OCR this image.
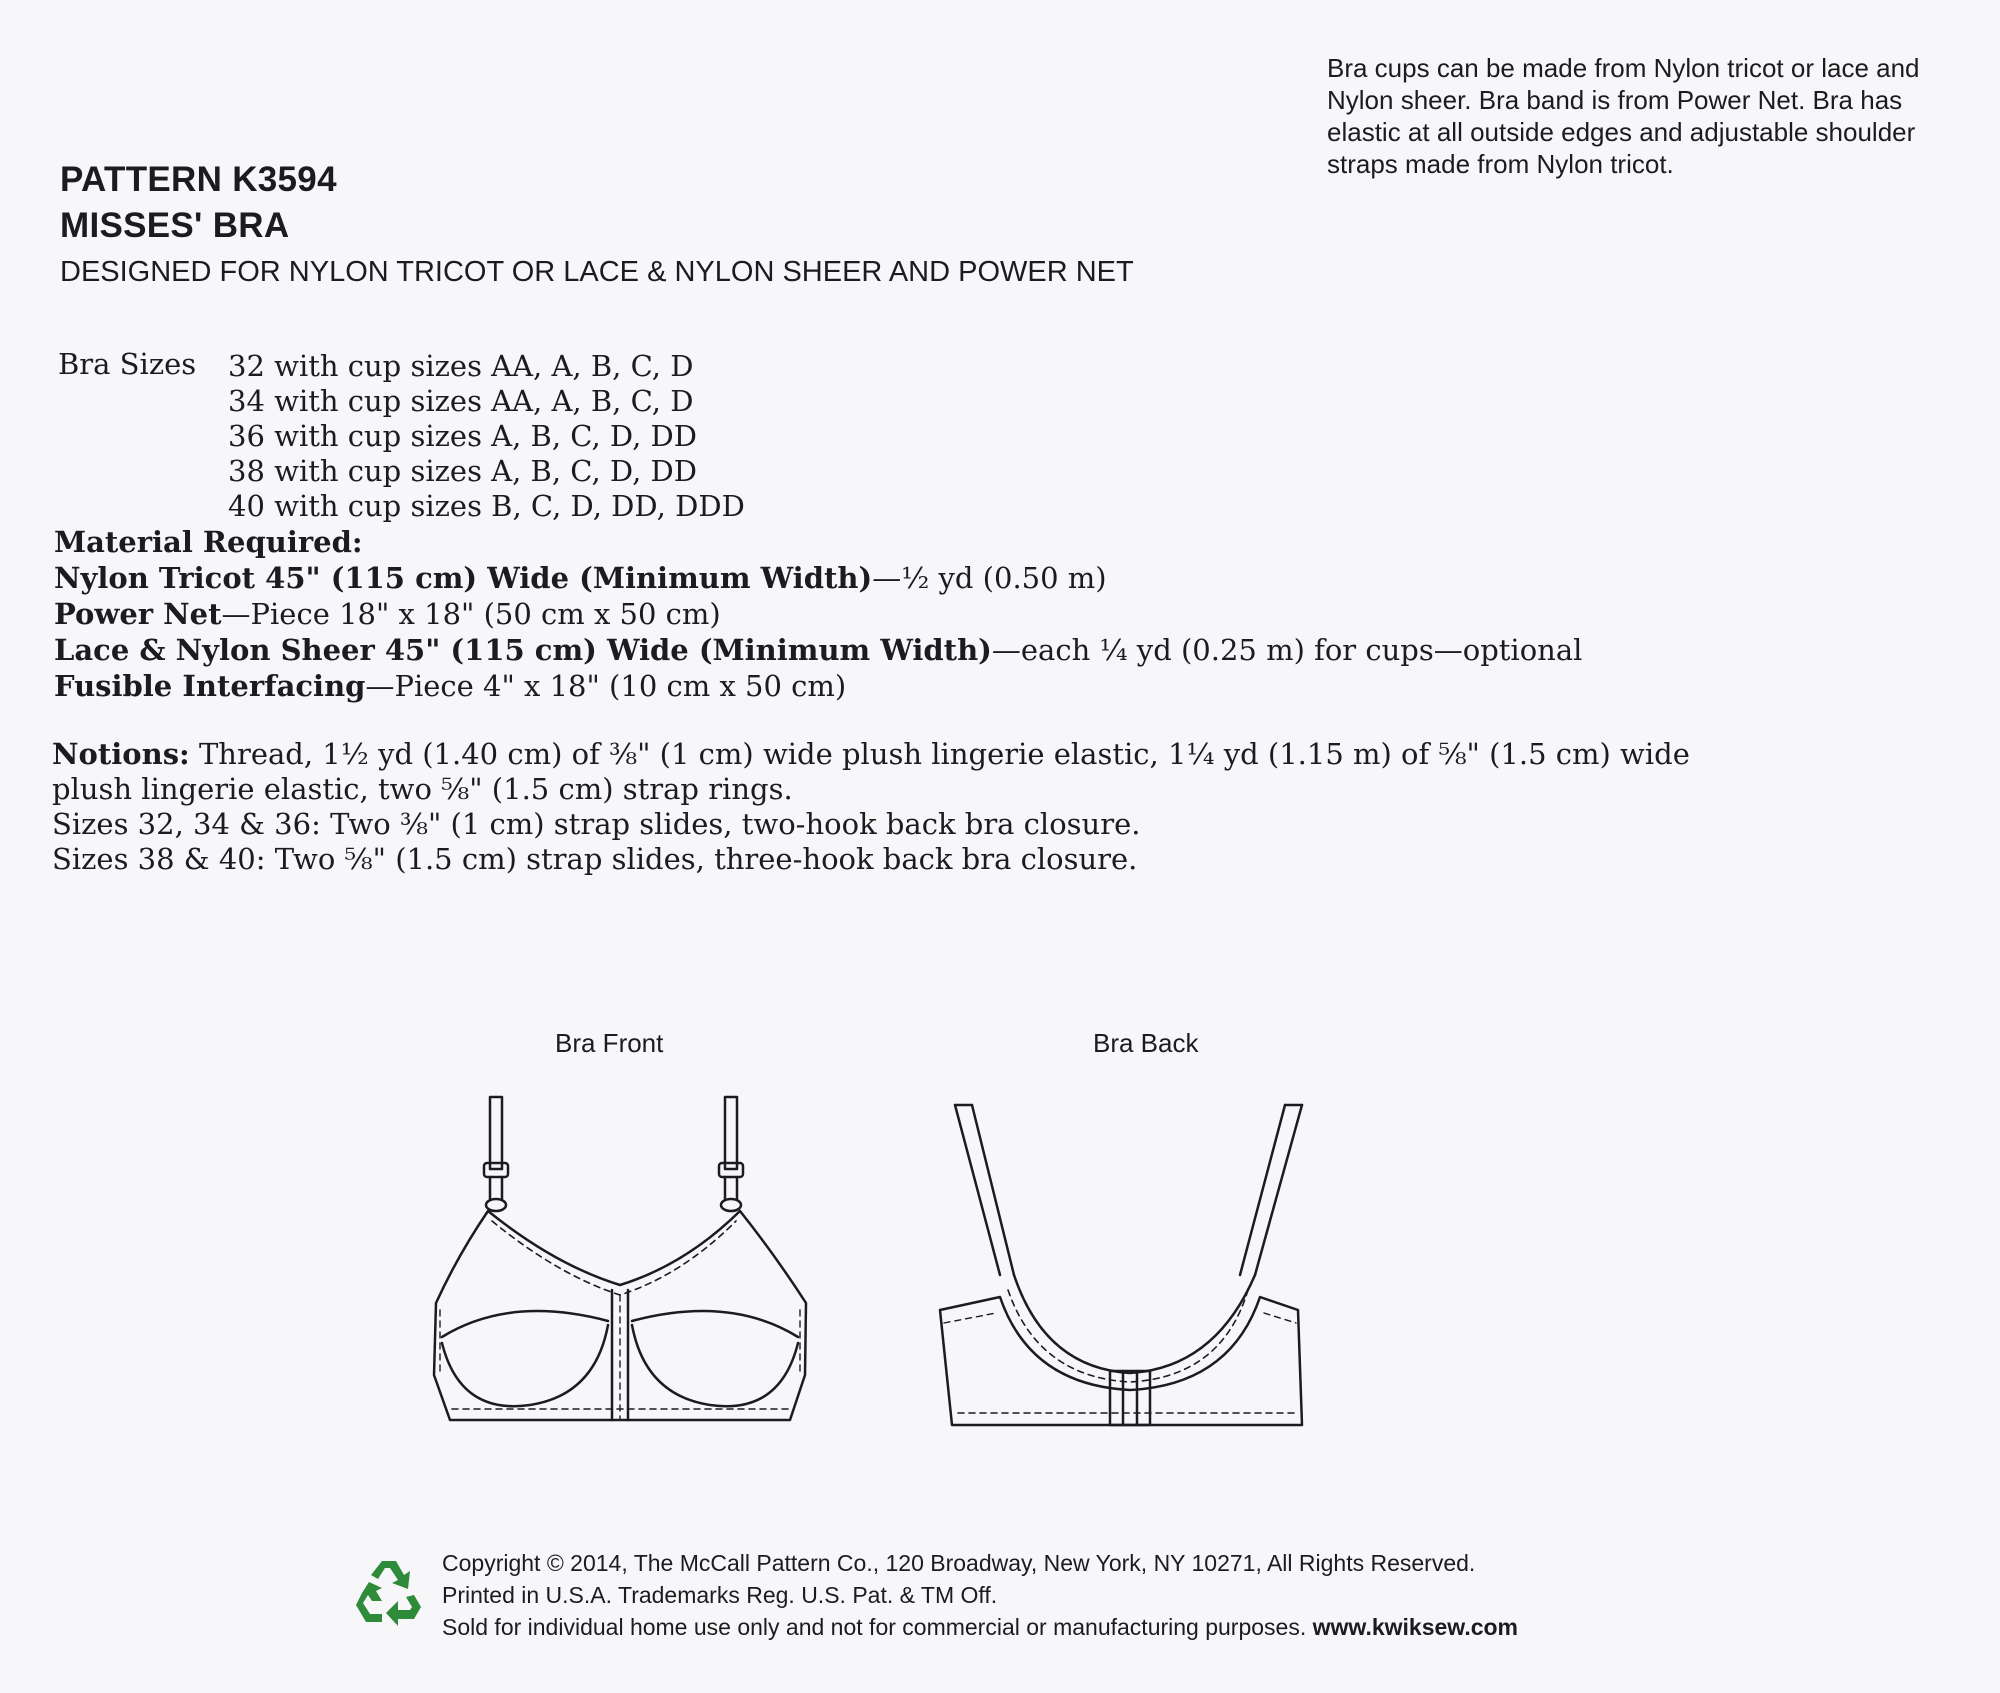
Bra cups can be made from Nylon tricot or lace and Nylon sheer. Bra band is from Power Net. Bra has elastic at all outside edges and adjustable shoulder straps made from Nylon tricot.
PATTERN K3594
MISSES' BRA
DESIGNED FOR NYLON TRICOT OR LACE & NYLON SHEER AND POWER NET
Bra Sizes 32 with cup sizes AA, A, B, C, D
34 with cup sizes AA, A, B, C, D
36 with cup sizes A, B, C, D, DD
38 with cup sizes A, B, C, D, DD
40 with cup sizes B, C, D, DD, DDD
Material Required:
Nylon Tricot 45" (115 cm) Wide (Minimum Width)—½ yd (0.50 m)
Power Net—Piece 18" x 18" (50 cm x 50 cm)
Lace & Nylon Sheer 45" (115 cm) Wide (Minimum Width)—each ¼ yd (0.25 m) for cups—optional
Fusible Interfacing—Piece 4" x 18" (10 cm x 50 cm)
Notions: Thread, 1½ yd (1.40 cm) of ⅜" (1 cm) wide plush lingerie elastic, 1¼ yd (1.15 m) of ⅝" (1.5 cm) wide
plush lingerie elastic, two ⅝" (1.5 cm) strap rings.
Sizes 32, 34 & 36: Two ⅜" (1 cm) strap slides, two-hook back bra closure.
Sizes 38 & 40: Two ⅝" (1.5 cm) strap slides, three-hook back bra closure.
Bra Front	Bra Back
Copyright © 2014, The McCall Pattern Co., 120 Broadway, New York, NY 10271, All Rights Reserved.
Printed in U.S.A. Trademarks Reg. U.S. Pat. & TM Off.
Sold for individual home use only and not for commercial or manufacturing purposes. www.kwiksew.com
